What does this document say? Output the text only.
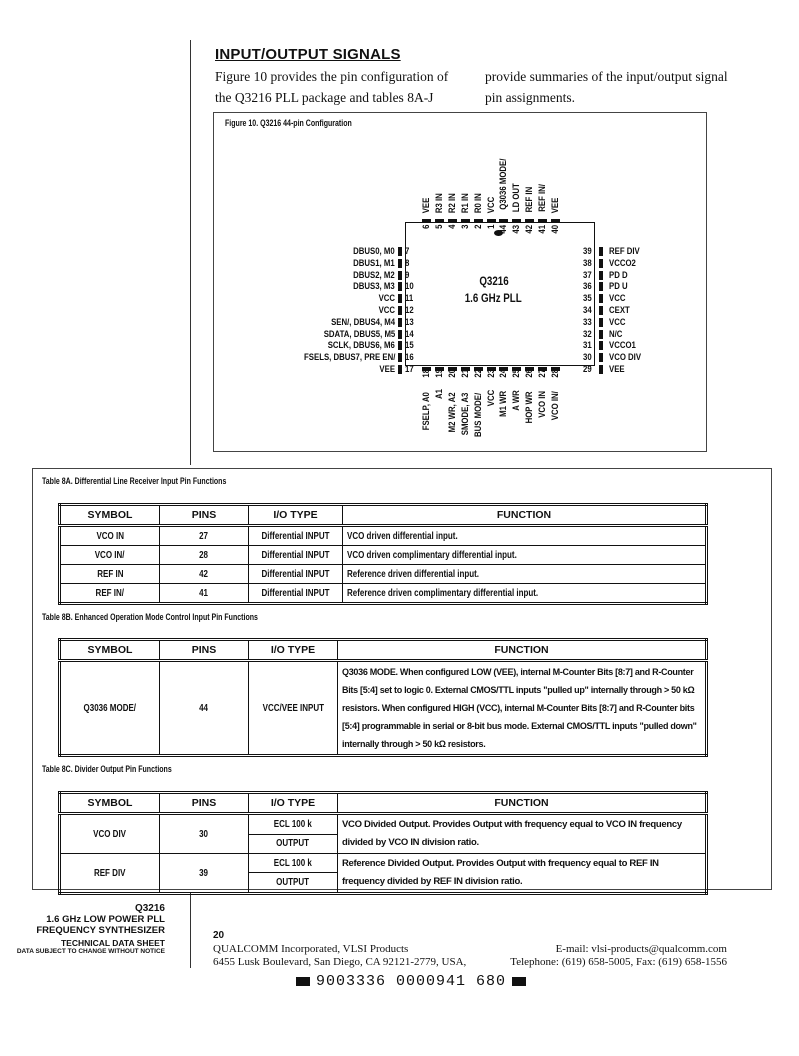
INPUT/OUTPUT SIGNALS
Figure 10 provides the pin configuration of the Q3216 PLL package and tables 8A-J
provide summaries of the input/output signal pin assignments.
Figure 10. Q3216 44-pin Configuration
Q3216
1.6 GHz PLL
7
DBUS0, M0
8
DBUS1, M1
9
DBUS2, M2
10
DBUS3, M3
11
VCC
12
VCC
13
SEN/, DBUS4, M4
14
SDATA, DBUS5, M5
15
SCLK, DBUS6, M6
16
FSELS, DBUS7, PRE EN/
17
VEE
39 REF DIV
38 VCCO2
37 PD D
36 PD U
35 VCC
34 CEXT
33 VCC
32 N/C
31 VCCO1
30 VCO DIV
29 VEE
6
VEE
5
R3 IN
4
R2 IN
3
R1 IN
2
R0 IN
1
VCC
44
Q3036 MODE/
43
LD OUT
42
REF IN
41
REF IN/
40
VEE
18
FSELP, A0
19
A1
20
M2 WR, A2
21
SMODE, A3
22
BUS MODE/
23
VCC
24
M1 WR
25
A WR
26
HOP WR
27
VCO IN
28
VCO IN/
Table 8A. Differential Line Receiver Input Pin Functions
SYMBOL	PINS	I/O TYPE	FUNCTION
VCO IN	27	Differential INPUT	VCO driven differential input.
VCO IN/	28	Differential INPUT	VCO driven complimentary differential input.
REF IN	42	Differential INPUT	Reference driven differential input.
REF IN/	41	Differential INPUT	Reference driven complimentary differential input.
Table 8B. Enhanced Operation Mode Control Input Pin Functions
SYMBOL	PINS	I/O TYPE	FUNCTION
Q3036 MODE/	44	VCC/VEE INPUT	Q3036 MODE. When configured LOW (VEE), internal M-Counter Bits [8:7] and R-Counter Bits [5:4] set to logic 0. External CMOS/TTL inputs "pulled up" internally through > 50 kΩ resistors. When configured HIGH (VCC), internal M-Counter Bits [8:7] and R-Counter bits [5:4] programmable in serial or 8-bit bus mode. External CMOS/TTL inputs "pulled down" internally through > 50 kΩ resistors.
Table 8C. Divider Output Pin Functions
SYMBOL	PINS	I/O TYPE	FUNCTION
VCO DIV	30	ECL 100 k	VCO Divided Output. Provides Output with frequency equal to VCO IN frequency divided by VCO IN division ratio.
		OUTPUT	
REF DIV	39	ECL 100 k	Reference Divided Output. Provides Output with frequency equal to REF IN frequency divided by REF IN division ratio.
		OUTPUT	
Q3216
1.6 GHz LOW POWER PLL
FREQUENCY SYNTHESIZER
TECHNICAL DATA SHEET
DATA SUBJECT TO CHANGE WITHOUT NOTICE
20
QUALCOMM Incorporated, VLSI Products
6455 Lusk Boulevard, San Diego, CA 92121-2779, USA,
E-mail: vlsi-products@qualcomm.com
Telephone: (619) 658-5005, Fax: (619) 658-1556
9003336 0000941 680
